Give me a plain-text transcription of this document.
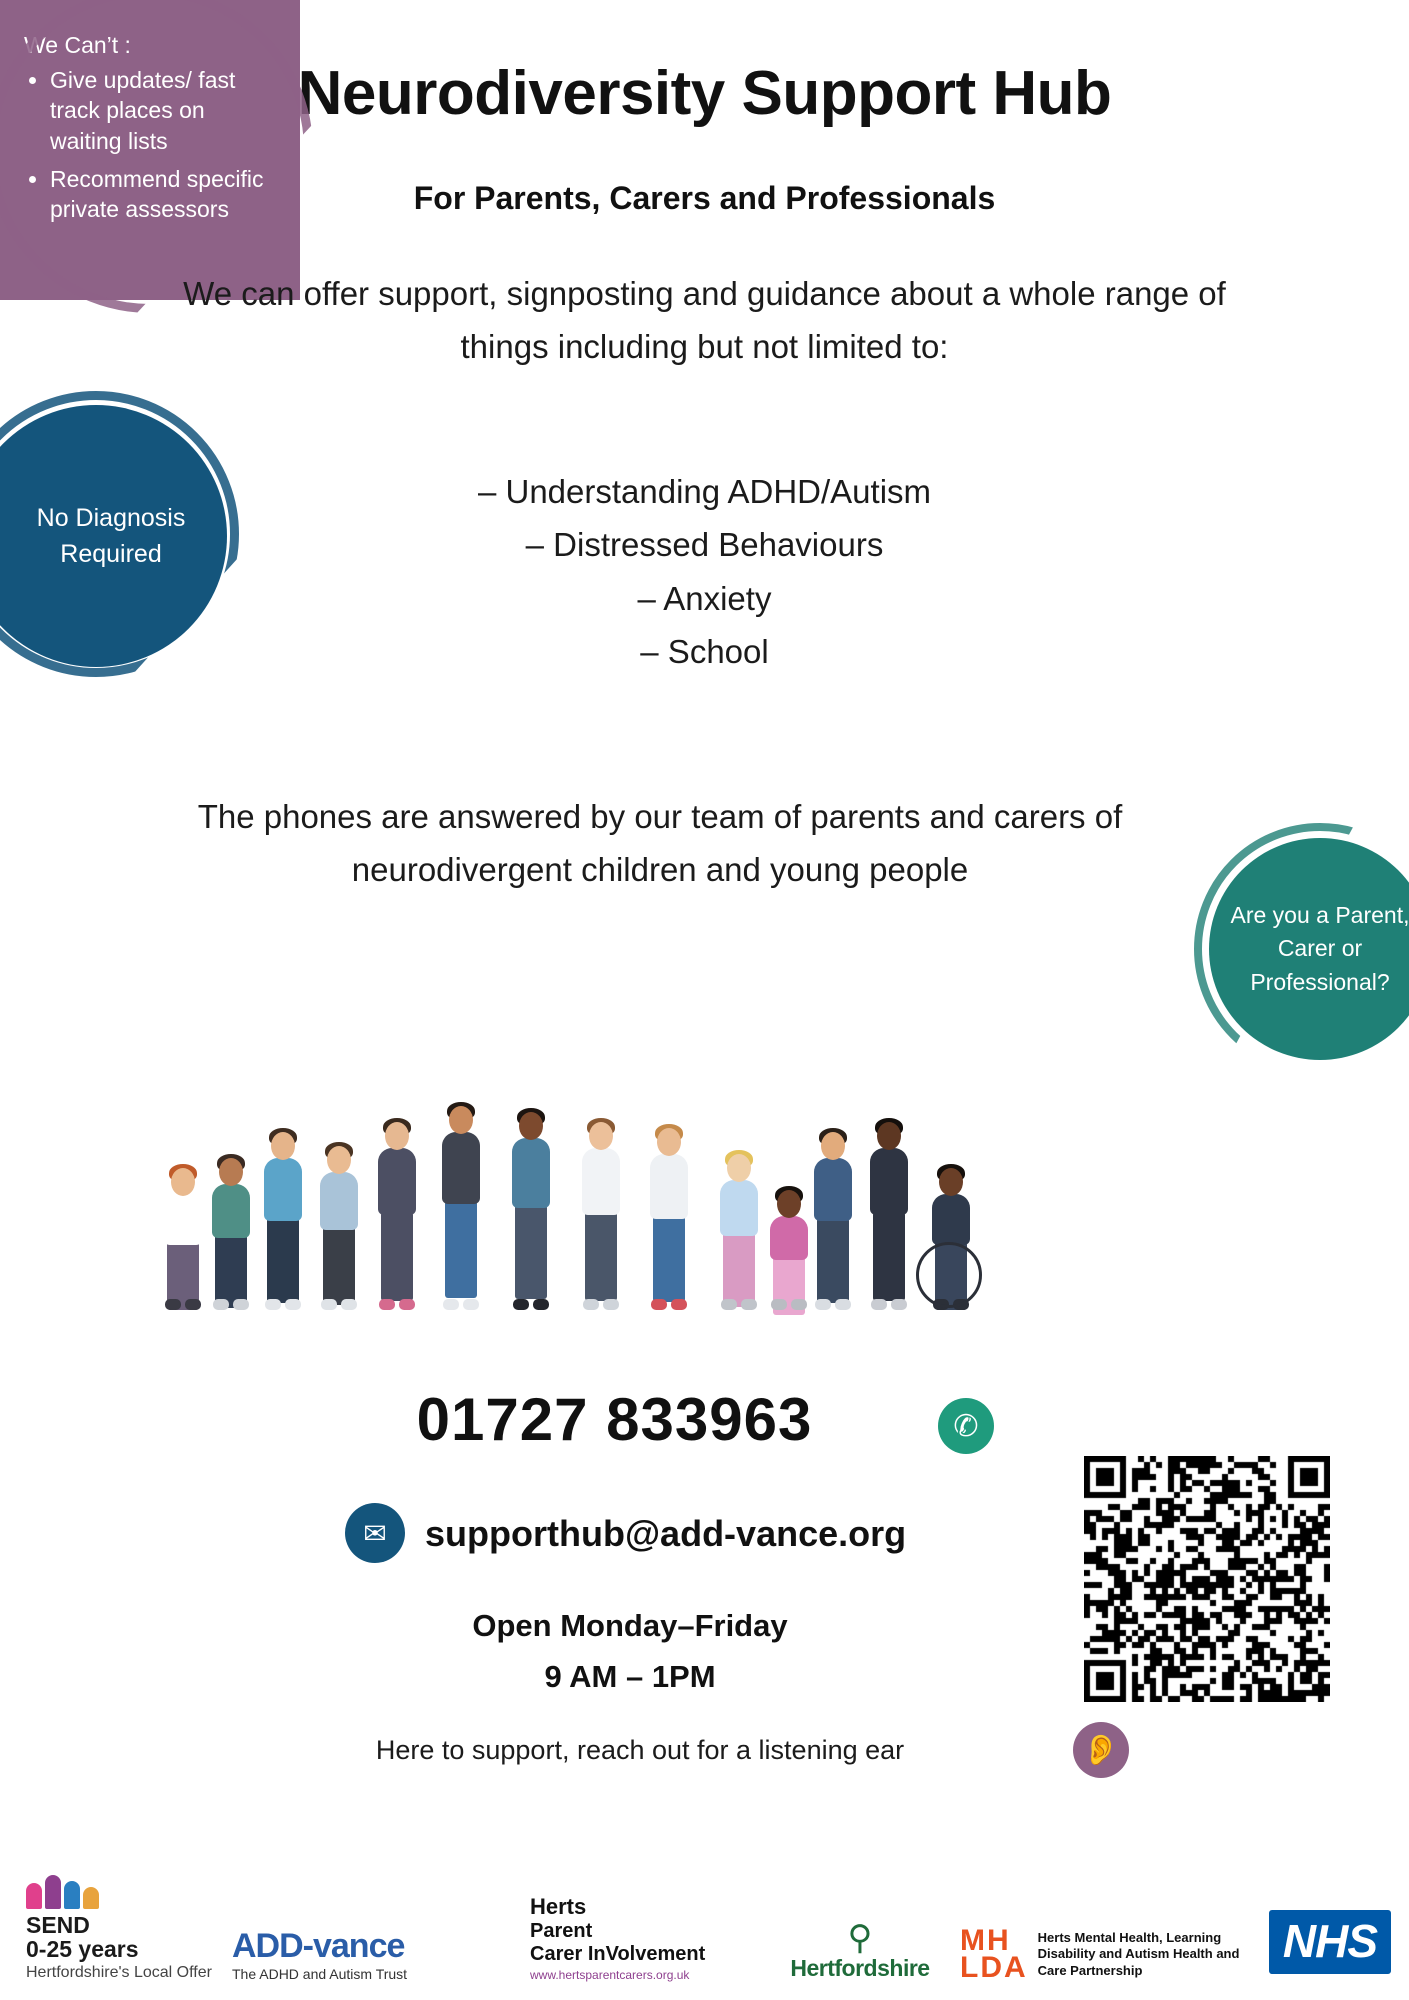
Neurodiversity Support Hub
For Parents, Carers and Professionals
We can offer support, signposting and guidance about a whole range of things including but not limited to:
– Understanding ADHD/Autism
– Distressed Behaviours
– Anxiety
– School
The phones are answered by our team of parents and carers of neurodivergent children and young people
No Diagnosis Required
Are you a Parent, Carer or Professional?
We Can’t :
• Give updates/ fast track places on waiting lists
• Recommend specific private assessors
01727 833963	✆
✉	supporthub@add-vance.org
Open Monday–Friday
9 AM – 1PM
Here to support, reach out for a listening ear	👂
SEND
0-25 years
Hertfordshire's Local Offer
ADD-vance
The ADHD and Autism Trust
Herts
Parent
Carer InVolvement
www.hertsparentcarers.org.uk
⚲
Hertfordshire
MH
LDA
Herts Mental Health, Learning Disability and Autism Health and Care Partnership
NHS
